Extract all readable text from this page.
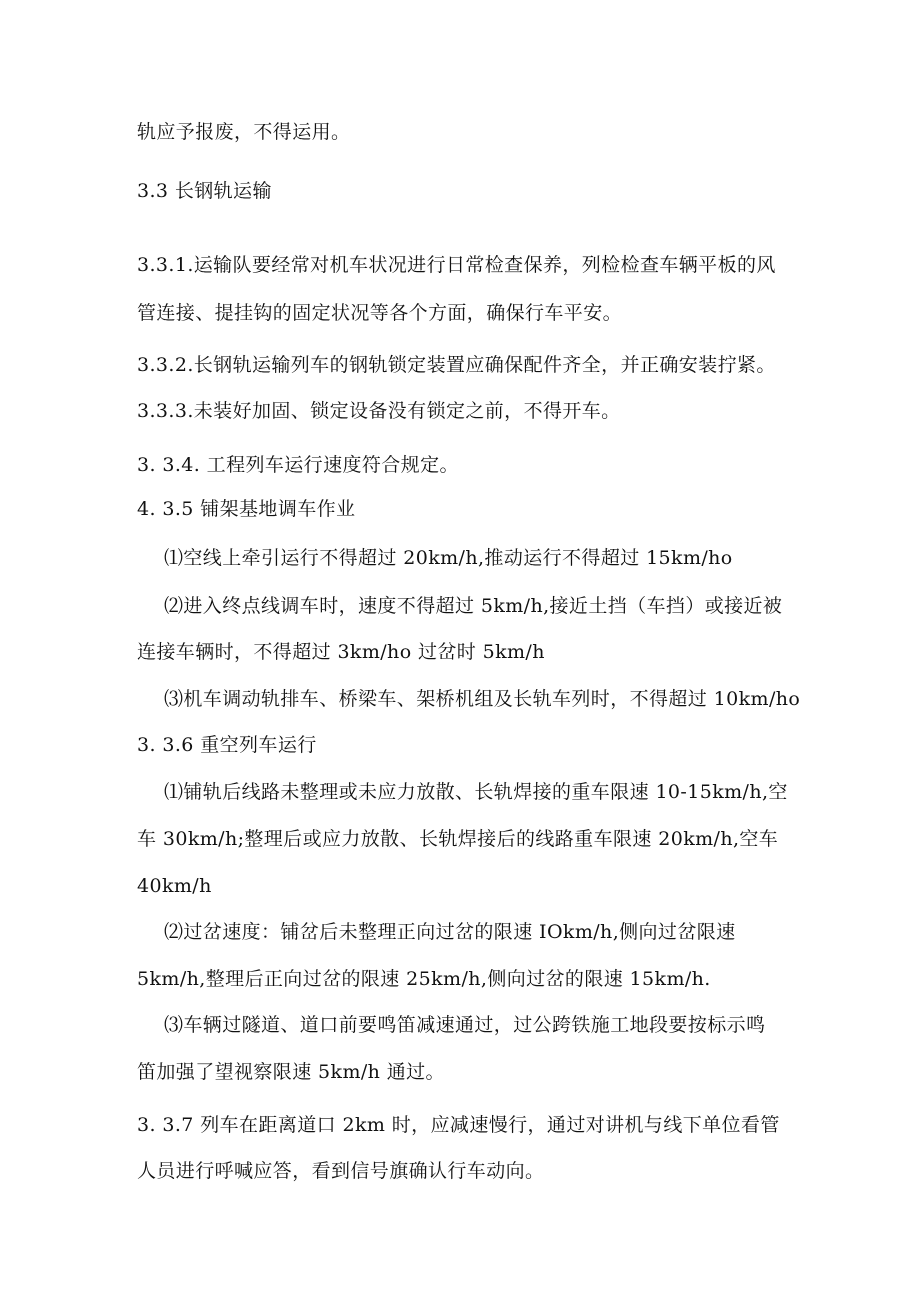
轨应予报废，不得运用。
3.3 长钢轨运输
3.3.1.运输队要经常对机车状况进行日常检查保养，列检检查车辆平板的风
管连接、提挂钩的固定状况等各个方面，确保行车平安。
3.3.2.长钢轨运输列车的钢轨锁定装置应确保配件齐全，并正确安装拧紧。
3.3.3.未装好加固、锁定设备没有锁定之前，不得开车。
3. 3.4. 工程列车运行速度符合规定。
4. 3.5 铺架基地调车作业
⑴空线上牵引运行不得超过 20km∕h,推动运行不得超过 15km/ho
⑵进入终点线调车时，速度不得超过 5km/h,接近土挡（车挡）或接近被
连接车辆时，不得超过 3km/ho 过岔时 5km/h
⑶机车调动轨排车、桥梁车、架桥机组及长轨车列时，不得超过 10km/ho
3. 3.6 重空列车运行
⑴铺轨后线路未整理或未应力放散、长轨焊接的重车限速 10-15km∕h,空
车 30km∕h;整理后或应力放散、长轨焊接后的线路重车限速 20km∕h,空车
40km∕h
⑵过岔速度：铺岔后未整理正向过岔的限速 IOkm∕h,侧向过岔限速
5km∕h,整理后正向过岔的限速 25km∕h,侧向过岔的限速 15km/h.
⑶车辆过隧道、道口前要鸣笛减速通过，过公跨铁施工地段要按标示鸣
笛加强了望视察限速 5km∕h 通过。
3. 3.7 列车在距离道口 2km 时，应减速慢行，通过对讲机与线下单位看管
人员进行呼喊应答，看到信号旗确认行车动向。
